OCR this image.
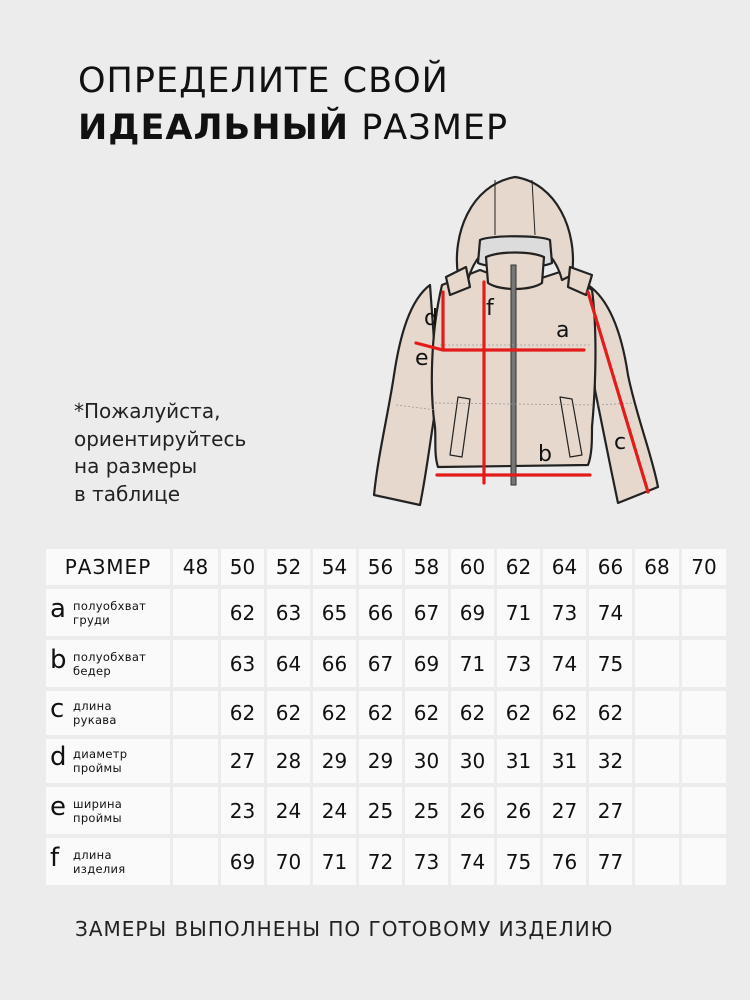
ОПРЕДЕЛИТЕ СВОЙ
ИДЕАЛЬНЫЙ РАЗМЕР
*Пожалуйста,
ориентируйтесь
на размеры
в таблице
d f
a
e
b	c
РАЗМЕР	48	50	52	54	56	58	60	62	64	66	68	70

a полуобхват
груди		62	63	65	66	67	69	71	73	74		

b полуобхват
бедер		63	64	66	67	69	71	73	74	75		

c длина
рукава		62	62	62	62	62	62	62	62	62		

d диаметр
проймы		27	28	29	29	30	30	31	31	32		

e ширина
проймы		23	24	24	25	25	26	26	27	27		

f длина
изделия		69	70	71	72	73	74	75	76	77		
ЗАМЕРЫ ВЫПОЛНЕНЫ ПО ГОТОВОМУ ИЗДЕЛИЮ
